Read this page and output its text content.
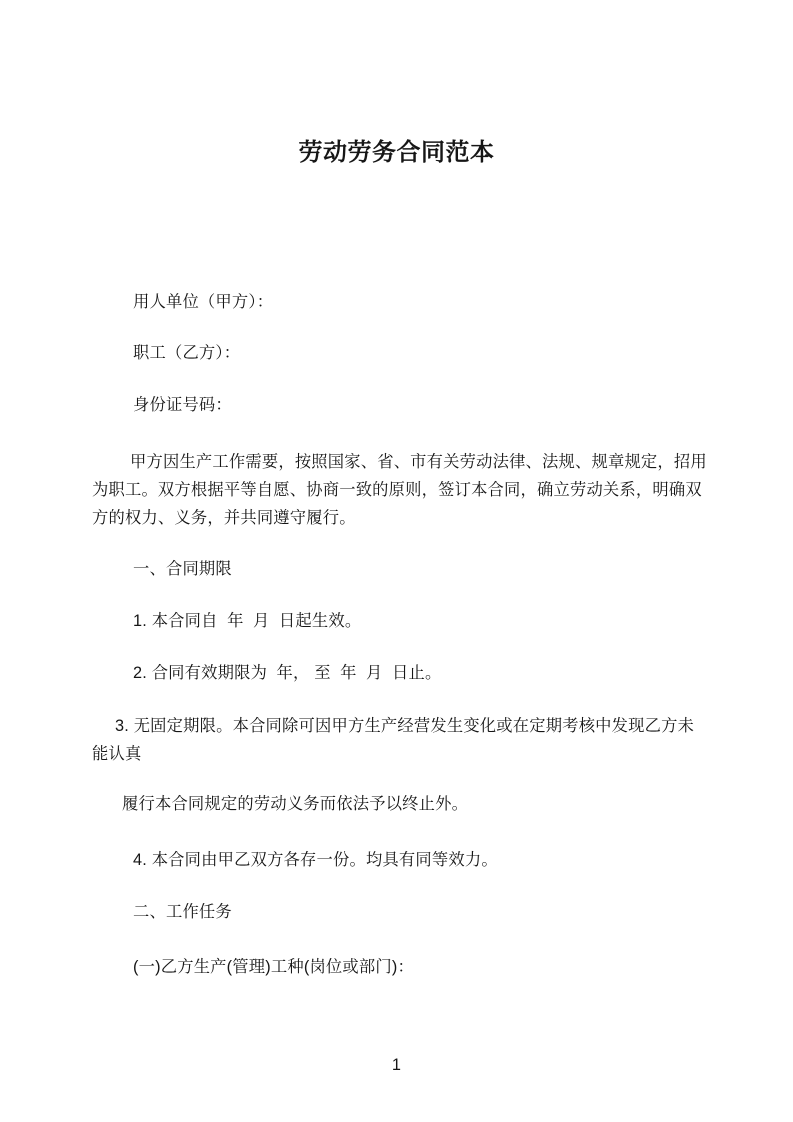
劳动劳务合同范本
用人单位（甲方）：
职工（乙方）：
身份证号码：
甲方因生产工作需要，按照国家、省、市有关劳动法律、法规、规章规定，招用
为职工。双方根据平等自愿、协商一致的原则，签订本合同，确立劳动关系，明确双
方的权力、义务，并共同遵守履行。
一、合同期限
1. 本合同自  年  月  日起生效。
2. 合同有效期限为  年， 至  年  月  日止。
3. 无固定期限。本合同除可因甲方生产经营发生变化或在定期考核中发现乙方未
能认真
履行本合同规定的劳动义务而依法予以终止外。
4. 本合同由甲乙双方各存一份。均具有同等效力。
二、工作任务
(一)乙方生产(管理)工种(岗位或部门)：
1
